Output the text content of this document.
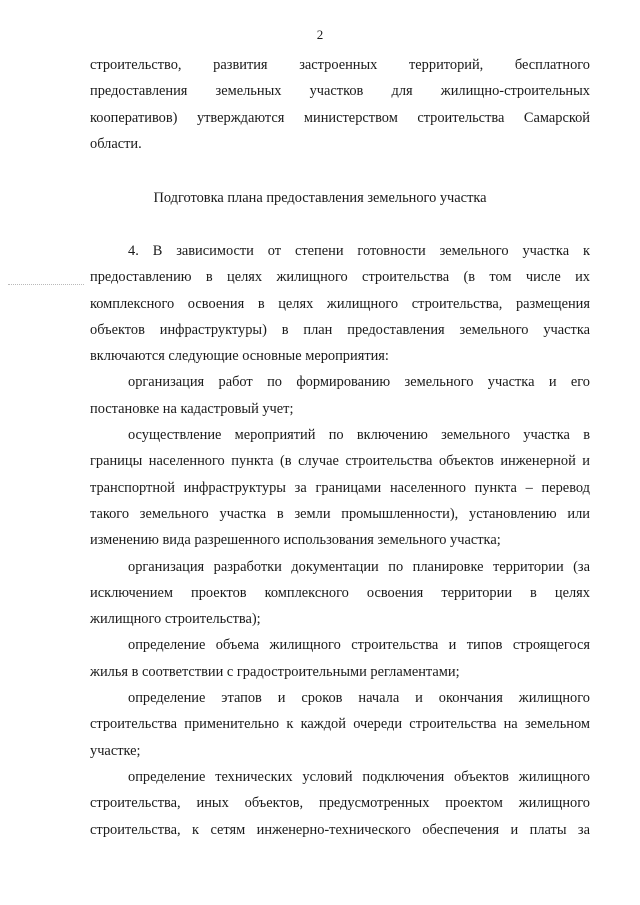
2
строительство, развития застроенных территорий, бесплатного
предоставления земельных участков для жилищно-строительных
кооперативов) утверждаются министерством строительства Самарской
области.
Подготовка плана предоставления земельного участка
4. В зависимости от степени готовности земельного участка к
предоставлению в целях жилищного строительства (в том числе их
комплексного освоения в целях жилищного строительства, размещения
объектов инфраструктуры) в план предоставления земельного участка
включаются следующие основные мероприятия:
организация работ по формированию земельного участка и его
постановке на кадастровый учет;
осуществление мероприятий по включению земельного участка в
границы населенного пункта (в случае строительства объектов инженерной и
транспортной инфраструктуры за границами населенного пункта – перевод
такого земельного участка в земли промышленности), установлению или
изменению вида разрешенного использования земельного участка;
организация разработки документации по планировке территории (за
исключением проектов комплексного освоения территории в целях
жилищного строительства);
определение объема жилищного строительства и типов строящегося
жилья в соответствии с градостроительными регламентами;
определение этапов и сроков начала и окончания жилищного
строительства применительно к каждой очереди строительства на земельном
участке;
определение технических условий подключения объектов жилищного
строительства, иных объектов, предусмотренных проектом жилищного
строительства, к сетям инженерно-технического обеспечения и платы за
